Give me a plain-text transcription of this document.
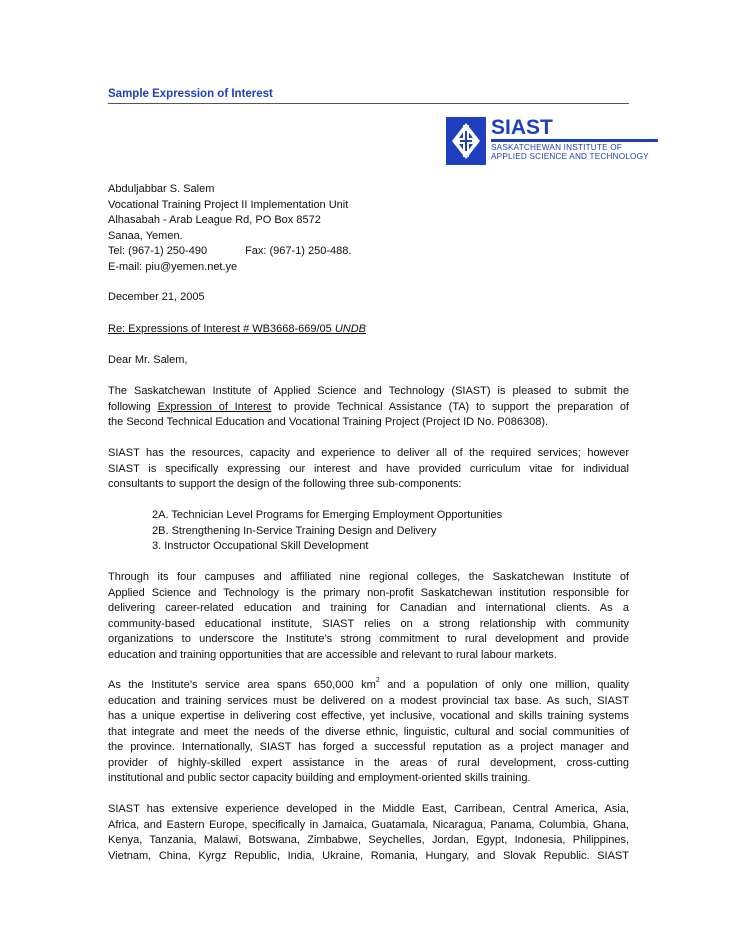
Sample Expression of Interest
SIAST
SASKATCHEWAN INSTITUTE OF
APPLIED SCIENCE AND TECHNOLOGY
Abduljabbar S. Salem
Vocational Training Project II Implementation Unit
Alhasabah - Arab League Rd, PO Box 8572
Sanaa, Yemen.
Tel: (967-1) 250-490	Fax: (967-1) 250-488.
E-mail: piu@yemen.net.ye
December 21, 2005
Re: Expressions of Interest # WB3668-669/05 UNDB
Dear Mr. Salem,
The Saskatchewan Institute of Applied Science and Technology (SIAST) is pleased to submit the
following Expression of Interest to provide Technical Assistance (TA) to support the preparation of
the Second Technical Education and Vocational Training Project (Project ID No. P086308).
SIAST has the resources, capacity and experience to deliver all of the required services; however
SIAST is specifically expressing our interest and have provided curriculum vitae for individual
consultants to support the design of the following three sub-components:
2A. Technician Level Programs for Emerging Employment Opportunities
2B. Strengthening In-Service Training Design and Delivery
3. Instructor Occupational Skill Development
Through its four campuses and affiliated nine regional colleges, the Saskatchewan Institute of
Applied Science and Technology is the primary non-profit Saskatchewan institution responsible for
delivering career-related education and training for Canadian and international clients. As a
community-based educational institute, SIAST relies on a strong relationship with community
organizations to underscore the Institute’s strong commitment to rural development and provide
education and training opportunities that are accessible and relevant to rural labour markets.
As the Institute’s service area spans 650,000 $km^2$ and a population of only one million, quality
education and training services must be delivered on a modest provincial tax base. As such, SIAST
has a unique expertise in delivering cost effective, yet inclusive, vocational and skills training systems
that integrate and meet the needs of the diverse ethnic, linguistic, cultural and social communities of
the province. Internationally, SIAST has forged a successful reputation as a project manager and
provider of highly-skilled expert assistance in the areas of rural development, cross-cutting
institutional and public sector capacity building and employment-oriented skills training.
SIAST has extensive experience developed in the Middle East, Carribean, Central America, Asia,
Africa, and Eastern Europe, specifically in Jamaica, Guatamala, Nicaragua, Panama, Columbia, Ghana,
Kenya, Tanzania, Malawi, Botswana, Zimbabwe, Seychelles, Jordan, Egypt, Indonesia, Philippines,
Vietnam, China, Kyrgz Republic, India, Ukraine, Romania, Hungary, and Slovak Republic. SIAST
